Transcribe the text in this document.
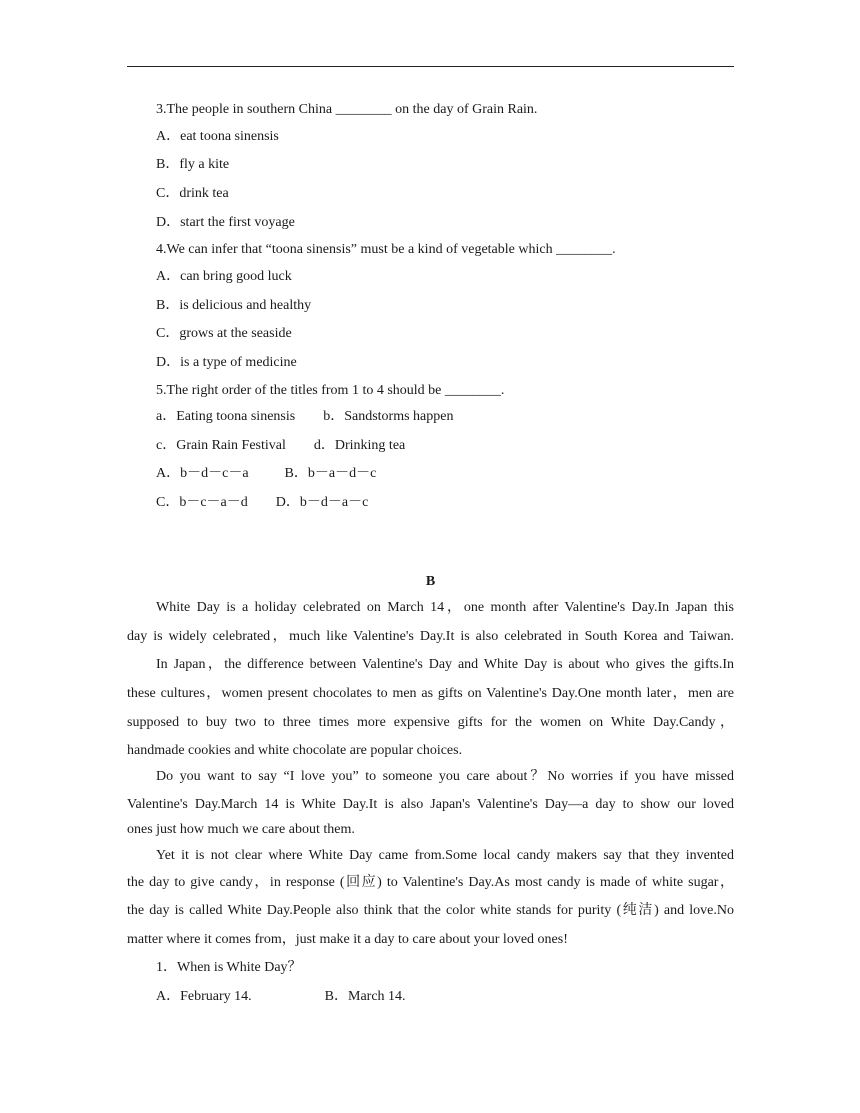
3.The people in southern China ________ on the day of Grain Rain.
A．eat toona sinensis
B．fly a kite
C．drink tea
D．start the first voyage
4.We can infer that “toona sinensis” must be a kind of vegetable which ________.
A．can bring good luck
B．is delicious and healthy
C．grows at the seaside
D．is a type of medicine
5.The right order of the titles from 1 to 4 should be ________.
a．Eating toona sinensis b．Sandstorms happen
c．Grain Rain Festival d．Drinking tea
A．b－d－c－a	B．b－a－d－c
C．b－c－a－d D．b－d－a－c
B
White Day is a holiday celebrated on March 14，one month after Valentine's Day.In Japan this
day is widely celebrated，much like Valentine's Day.It is also celebrated in South Korea and Taiwan.
In Japan，the difference between Valentine's Day and White Day is about who gives the gifts.In
these cultures，women present chocolates to men as gifts on Valentine's Day.One month later，men are
supposed to buy two to three times more expensive gifts for the women on White Day.Candy，
handmade cookies and white chocolate are popular choices.
Do you want to say “I love you” to someone you care about？No worries if you have missed
Valentine's Day.March 14 is White Day.It is also Japan's Valentine's Day—a day to show our loved
ones just how much we care about them.
Yet it is not clear where White Day came from.Some local candy makers say that they invented
the day to give candy，in response (回应) to Valentine's Day.As most candy is made of white sugar，
the day is called White Day.People also think that the color white stands for purity (纯洁) and love.No
matter where it comes from，just make it a day to care about your loved ones!
1．When is White Day？
A．February 14.	B．March 14.
